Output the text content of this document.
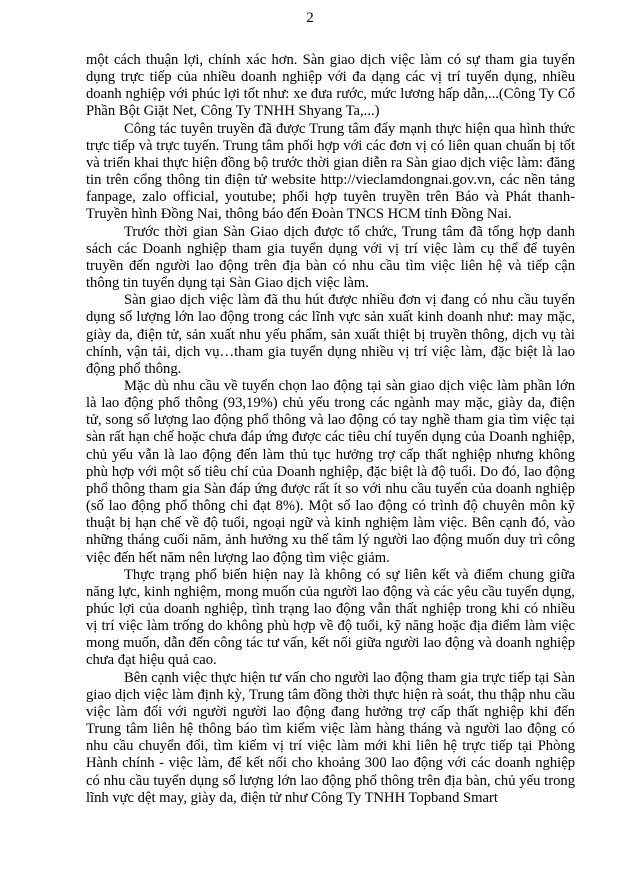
2

một cách thuận lợi, chính xác hơn. Sàn giao dịch việc làm có sự tham gia tuyển dụng trực tiếp của nhiều doanh nghiệp với đa dạng các vị trí tuyển dụng, nhiều doanh nghiệp với phúc lợi tốt như: xe đưa rước, mức lương hấp dẫn,...(Công Ty Cổ Phần Bột Giặt Net, Công Ty TNHH Shyang Ta,...)

Công tác tuyên truyền đã được Trung tâm đẩy mạnh thực hiện qua hình thức trực tiếp và trực tuyến. Trung tâm phối hợp với các đơn vị có liên quan chuẩn bị tốt và triển khai thực hiện đồng bộ trước thời gian diễn ra Sàn giao dịch việc làm: đăng tin trên cổng thông tin điện tử website http://vieclamdongnai.gov.vn, các nền tảng fanpage, zalo official, youtube; phối hợp tuyên truyền trên Báo và Phát thanh-Truyền hình Đồng Nai, thông báo đến Đoàn TNCS HCM tỉnh Đồng Nai.

Trước thời gian Sàn Giao dịch được tổ chức, Trung tâm đã tổng hợp danh sách các Doanh nghiệp tham gia tuyển dụng với vị trí việc làm cụ thể để tuyên truyền đến người lao động trên địa bàn có nhu cầu tìm việc liên hệ và tiếp cận thông tin tuyển dụng tại Sàn Giao dịch việc làm.

Sàn giao dịch việc làm đã thu hút được nhiều đơn vị đang có nhu cầu tuyển dụng số lượng lớn lao động trong các lĩnh vực sản xuất kinh doanh như: may mặc, giày da, điện tử, sản xuất nhu yếu phẩm, sản xuất thiệt bị truyền thông, dịch vụ tài chính, vận tải, dịch vụ…tham gia tuyển dụng nhiều vị trí việc làm, đặc biệt là lao động phổ thông.

Mặc dù nhu cầu về tuyển chọn lao động tại sàn giao dịch việc làm phần lớn là lao động phổ thông (93,19%) chủ yếu trong các ngành may mặc, giày da, điện tử, song số lượng lao động phổ thông và lao động có tay nghề tham gia tìm việc tại sàn rất hạn chế hoặc chưa đáp ứng được các tiêu chí tuyển dụng của Doanh nghiệp, chủ yếu vẫn là lao động đến làm thủ tục hưởng trợ cấp thất nghiệp nhưng không phù hợp với một số tiêu chí của Doanh nghiệp, đặc biệt là độ tuổi. Do đó, lao động phổ thông tham gia Sàn đáp ứng được rất ít so với nhu cầu tuyển của doanh nghiệp (số lao động phổ thông chỉ đạt 8%). Một số lao động có trình độ chuyên môn kỹ thuật bị hạn chế về độ tuổi, ngoại ngữ và kinh nghiệm làm việc. Bên cạnh đó, vào những tháng cuối năm, ảnh hưởng xu thế tâm lý người lao động muốn duy trì công việc đến hết năm nên lượng lao động tìm việc giảm.

Thực trạng phổ biến hiện nay là không có sự liên kết và điểm chung giữa năng lực, kinh nghiệm, mong muốn của người lao động và các yêu cầu tuyển dụng, phúc lợi của doanh nghiệp, tình trạng lao động vẫn thất nghiệp trong khi có nhiều vị trí việc làm trống do không phù hợp về độ tuổi, kỹ năng hoặc địa điểm làm việc mong muốn, dẫn đến công tác tư vấn, kết nối giữa người lao động và doanh nghiệp chưa đạt hiệu quả cao.

Bên cạnh việc thực hiện tư vấn cho người lao động tham gia trực tiếp tại Sàn giao dịch việc làm định kỳ, Trung tâm đồng thời thực hiện rà soát, thu thập nhu cầu việc làm đối với người người lao động đang hưởng trợ cấp thất nghiệp khi đến Trung tâm liên hệ thông báo tìm kiếm việc làm hàng tháng và người lao động có nhu cầu chuyển đổi, tìm kiếm vị trí việc làm mới khi liên hệ trực tiếp tại Phòng Hành chính - việc làm, để kết nối cho khoảng 300 lao động với các doanh nghiệp có nhu cầu tuyển dụng số lượng lớn lao động phổ thông trên địa bàn, chủ yếu trong lĩnh vực dệt may, giày da, điện tử như Công Ty TNHH Topband Smart
